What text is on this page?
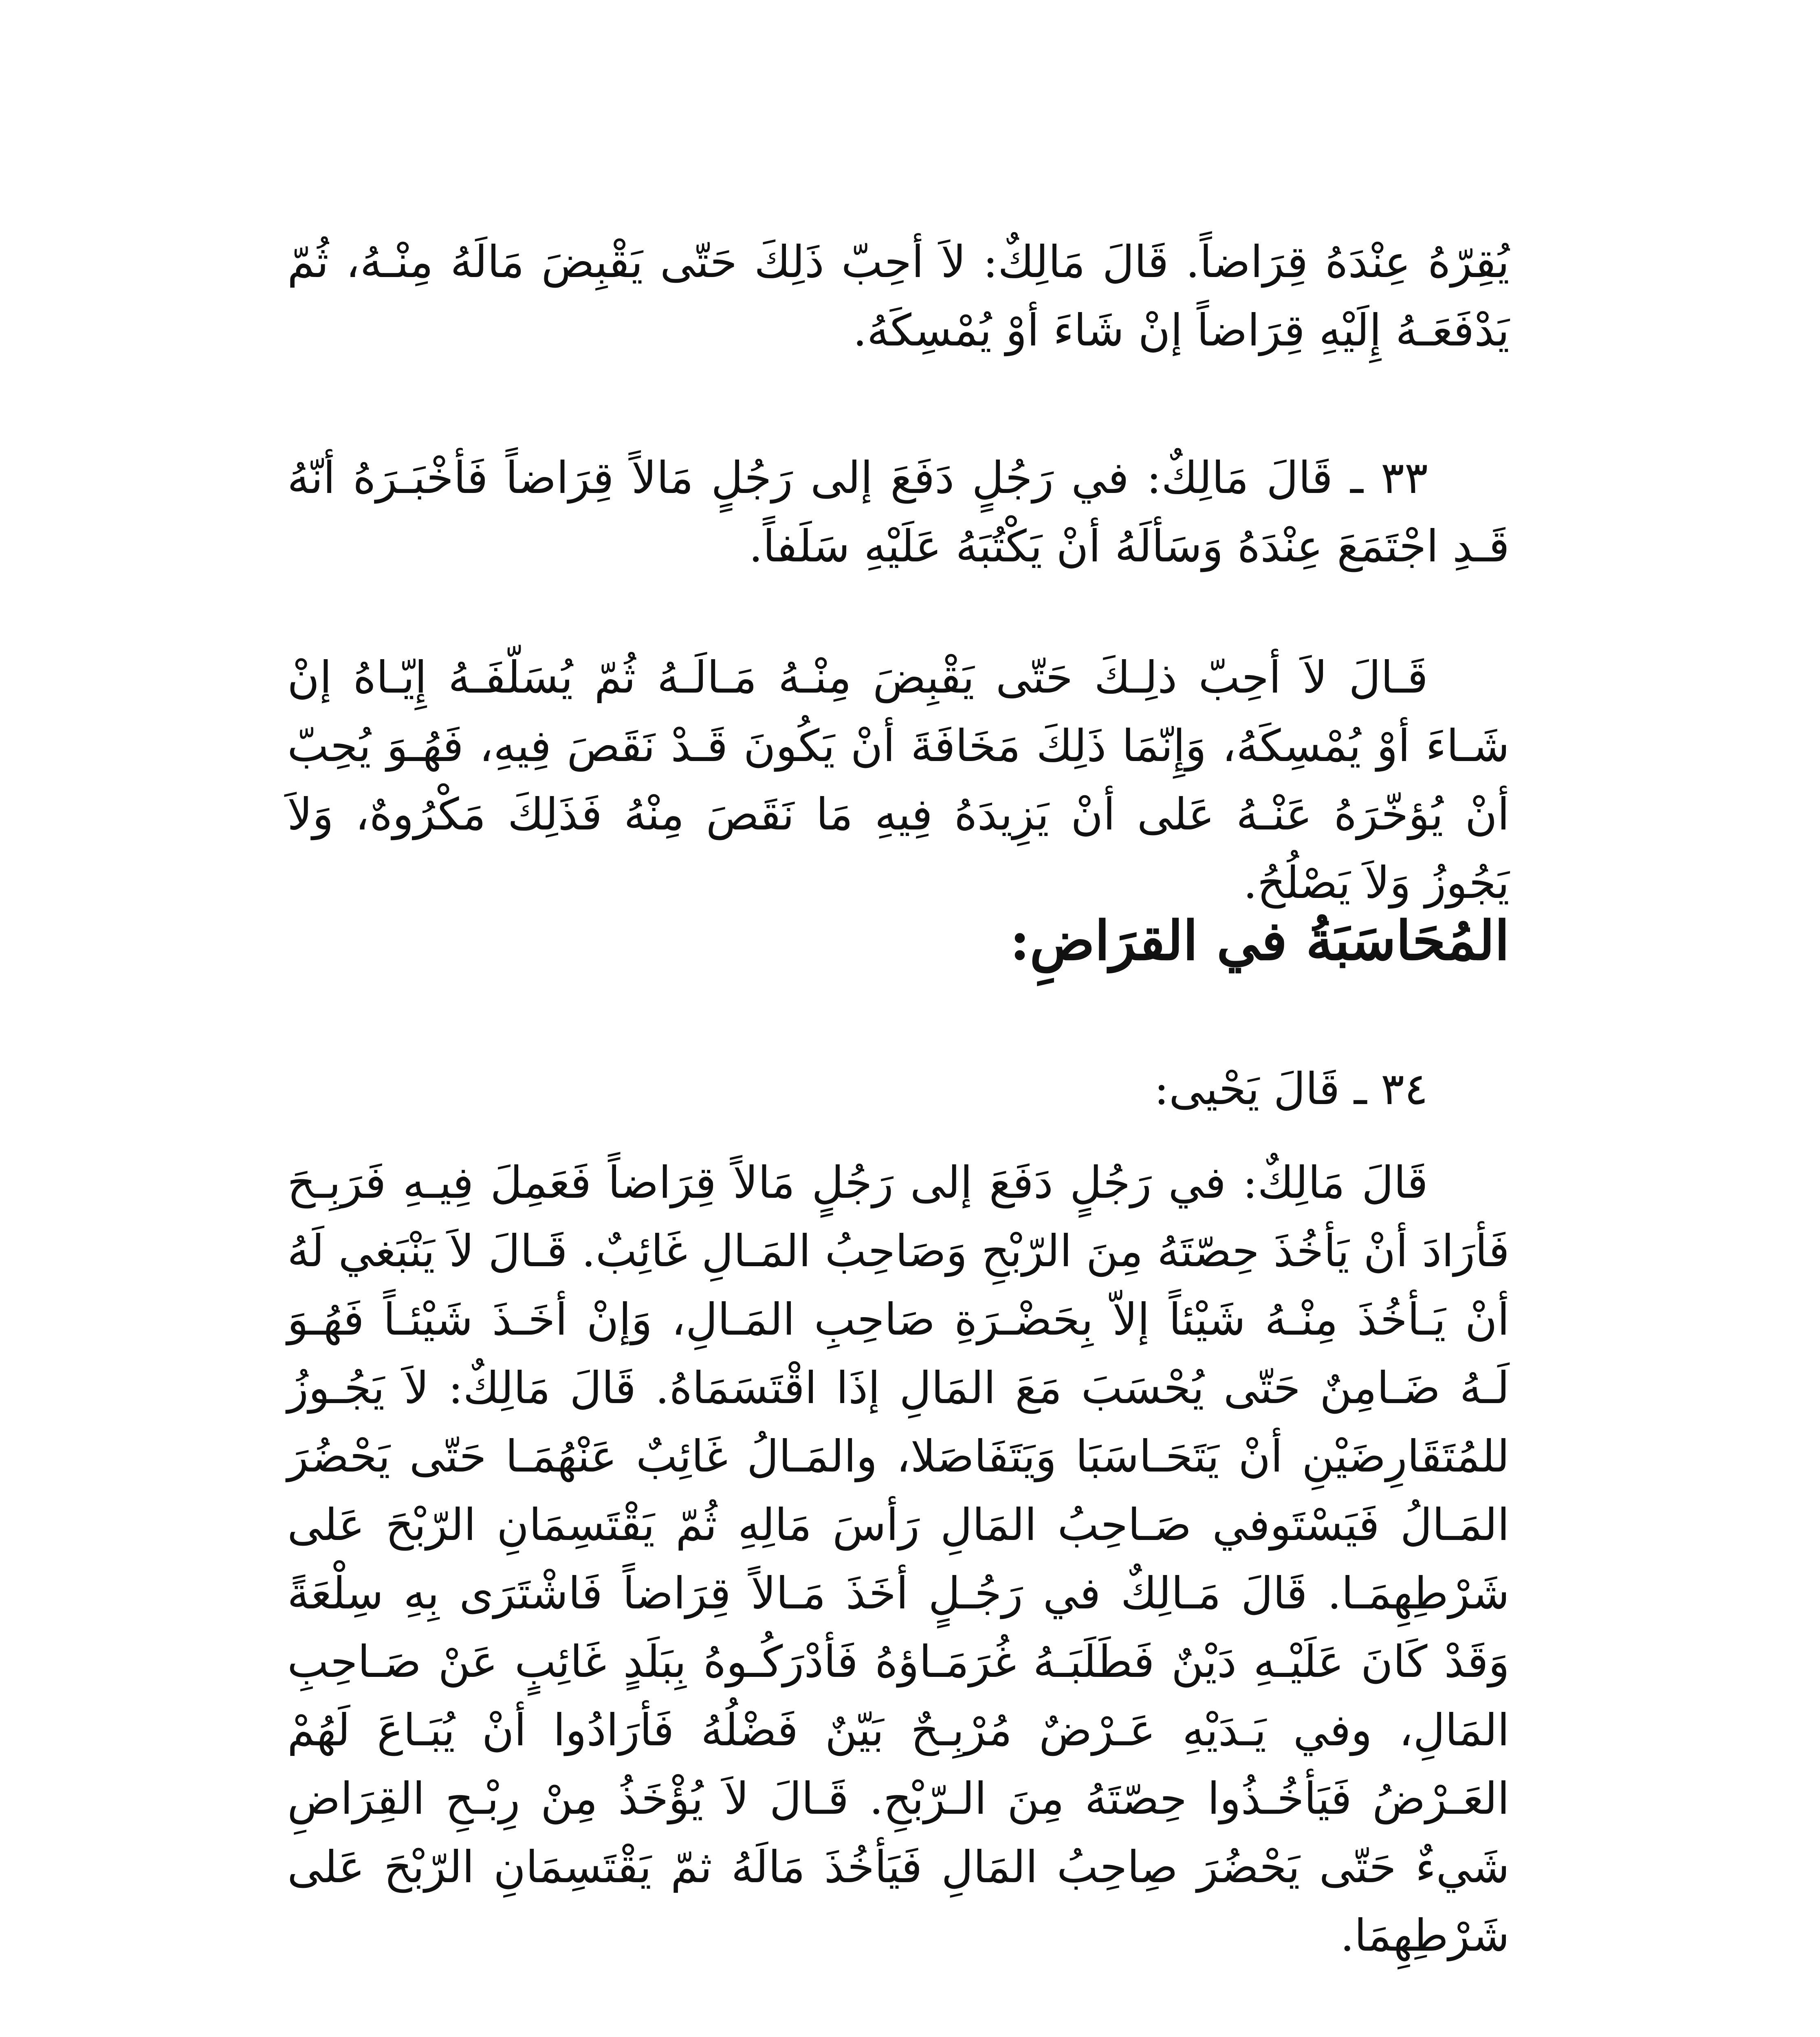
يُقِرّهُ عِنْدَهُ قِرَاضاً. قَالَ مَالِكٌ: لاَ أحِبّ ذَلِكَ حَتّى يَقْبِضَ مَالَهُ مِنْـهُ، ثُمّ يَدْفَعَـهُ إِلَيْهِ قِرَاضاً إنْ شَاءَ أوْ يُمْسِكَهُ.

٣٣ ـ قَالَ مَالِكٌ: في رَجُلٍ دَفَعَ إلى رَجُلٍ مَالاً قِرَاضاً فَأخْبَـرَهُ أنّهُ قَـدِ اجْتَمَعَ عِنْدَهُ وَسَألَهُ أنْ يَكْتُبَهُ عَلَيْهِ سَلَفاً.

قَـالَ لاَ أحِبّ ذلِـكَ حَتّى يَقْبِضَ مِنْـهُ مَـالَـهُ ثُمّ يُسَلّفَـهُ إِيّـاهُ إنْ شَـاءَ أوْ يُمْسِكَهُ، وَإِنّمَا ذَلِكَ مَخَافَةَ أنْ يَكُونَ قَـدْ نَقَصَ فِيهِ، فَهُـوَ يُحِبّ أنْ يُؤخّرَهُ عَنْـهُ عَلى أنْ يَزِيدَهُ فِيهِ مَا نَقَصَ مِنْهُ فَذَلِكَ مَكْرُوهٌ، وَلاَ يَجُوزُ وَلاَ يَصْلُحُ.

المُحَاسَبَةُ في القرَاضِ:

٣٤ ـ قَالَ يَحْيى:

قَالَ مَالِكٌ: في رَجُلٍ دَفَعَ إلى رَجُلٍ مَالاً قِرَاضاً فَعَمِلَ فِيـهِ فَرَبِـحَ فَأرَادَ أنْ يَأخُذَ حِصّتَهُ مِنَ الرّبْحِ وَصَاحِبُ المَـالِ غَائِبٌ. قَـالَ لاَ يَنْبَغي لَهُ أنْ يَـأخُذَ مِنْـهُ شَيْئاً إلاّ بِحَضْـرَةِ صَاحِبِ المَـالِ، وَإنْ أخَـذَ شَيْئـاً فَهُـوَ لَـهُ ضَـامِنٌ حَتّى يُحْسَبَ مَعَ المَالِ إذَا اقْتَسَمَاهُ. قَالَ مَالِكٌ: لاَ يَجُـوزُ للمُتَقَارِضَيْنِ أنْ يَتَحَـاسَبَا وَيَتَفَاصَلا، والمَـالُ غَائِبٌ عَنْهُمَـا حَتّى يَحْضُرَ المَـالُ فَيَسْتَوفي صَـاحِبُ المَالِ رَأسَ مَالِهِ ثُمّ يَقْتَسِمَانِ الرّبْحَ عَلى شَرْطِهِمَـا. قَالَ مَـالِكٌ في رَجُـلٍ أخَذَ مَـالاً قِرَاضاً فَاشْتَرَى بِهِ سِلْعَةً وَقَدْ كَانَ عَلَيْـهِ دَيْنٌ فَطَلَبَـهُ غُرَمَـاؤهُ فَأدْرَكُـوهُ بِبَلَدٍ غَائِبٍ عَنْ صَـاحِبِ المَالِ، وفي يَـدَيْهِ عَـرْضٌ مُرْبِـحٌ بَيّنٌ فَضْلُهُ فَأرَادُوا أنْ يُبَـاعَ لَهُمْ العَـرْضُ فَيَأخُـذُوا حِصّتَهُ مِنَ الـرّبْحِ. قَـالَ لاَ يُؤْخَذُ مِنْ رِبْـحِ القِرَاضِ شَيءٌ حَتّى يَحْضُرَ صِاحِبُ المَالِ فَيَأخُذَ مَالَهُ ثمّ يَقْتَسِمَانِ الرّبْحَ عَلى شَرْطِهِمَا.
